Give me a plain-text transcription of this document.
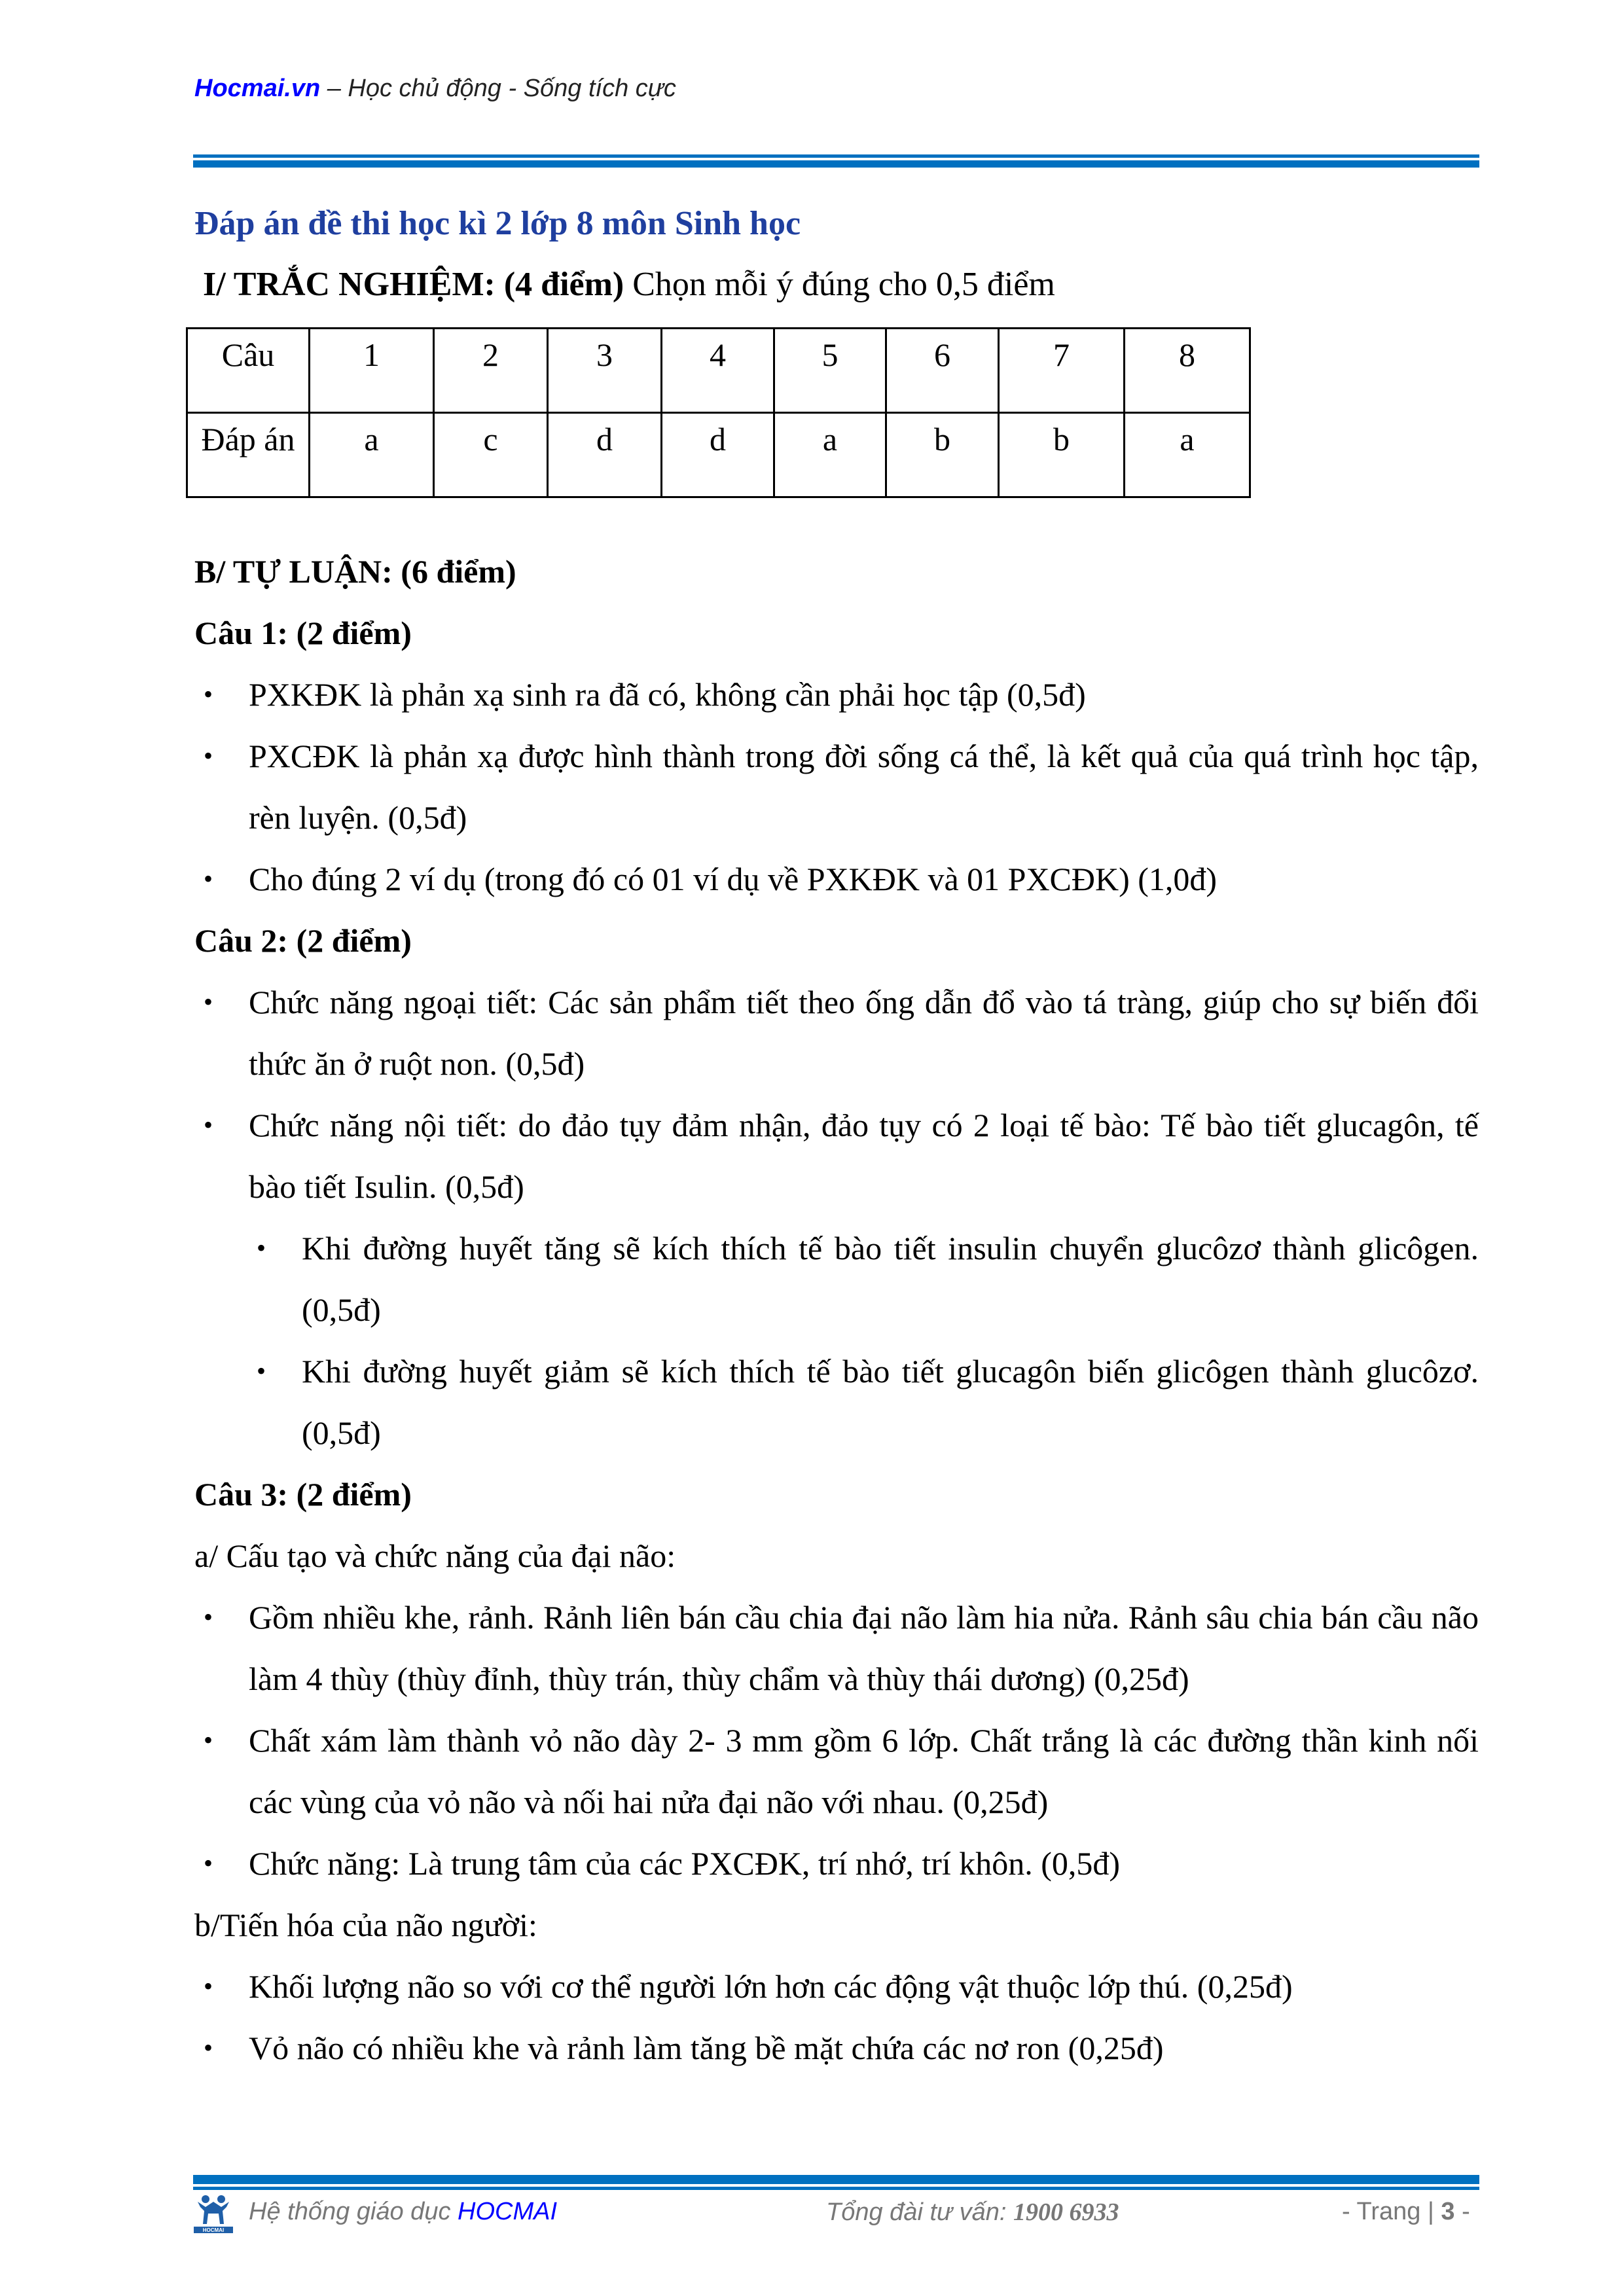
Hocmai.vn – Học chủ động - Sống tích cực
Đáp án đề thi học kì 2 lớp 8 môn Sinh học
I/ TRẮC NGHIỆM: (4 điểm) Chọn mỗi ý đúng cho 0,5 điểm
Câu	1	2	3	4	5	6	7	8
Đáp án	a	c	d	d	a	b	b	a

B/ TỰ LUẬN: (6 điểm)

Câu 1: (2 điểm)

• PXKĐK là phản xạ sinh ra đã có, không cần phải học tập (0,5đ)
• PXCĐK là phản xạ được hình thành trong đời sống cá thể, là kết quả của quá trình học tập, rèn luyện. (0,5đ)
• Cho đúng 2 ví dụ (trong đó có 01 ví dụ về PXKĐK và 01 PXCĐK) (1,0đ)

Câu 2: (2 điểm)

• Chức năng ngoại tiết: Các sản phẩm tiết theo ống dẫn đổ vào tá tràng, giúp cho sự biến đổi thức ăn ở ruột non. (0,5đ)
• Chức năng nội tiết: do đảo tụy đảm nhận, đảo tụy có 2 loại tế bào: Tế bào tiết glucagôn, tế bào tiết Isulin. (0,5đ)
• Khi đường huyết tăng sẽ kích thích tế bào tiết insulin chuyển glucôzơ thành glicôgen. (0,5đ)
• Khi đường huyết giảm sẽ kích thích tế bào tiết glucagôn biến glicôgen thành glucôzơ. (0,5đ)

Câu 3: (2 điểm)

a/ Cấu tạo và chức năng của đại não:

• Gồm nhiều khe, rảnh. Rảnh liên bán cầu chia đại não làm hia nửa. Rảnh sâu chia bán cầu não làm 4 thùy (thùy đỉnh, thùy trán, thùy chẩm và thùy thái dương) (0,25đ)
• Chất xám làm thành vỏ não dày 2- 3 mm gồm 6 lớp. Chất trắng là các đường thần kinh nối các vùng của vỏ não và nối hai nửa đại não với nhau. (0,25đ)
• Chức năng: Là trung tâm của các PXCĐK, trí nhớ, trí khôn. (0,5đ)

b/Tiến hóa của não người:

• Khối lượng não so với cơ thể người lớn hơn các động vật thuộc lớp thú. (0,25đ)
• Vỏ não có nhiều khe và rảnh làm tăng bề mặt chứa các nơ ron (0,25đ)
HOCMAI
Hệ thống giáo dục HOCMAI	Tổng đài tư vấn: 1900 6933	- Trang | 3 -
